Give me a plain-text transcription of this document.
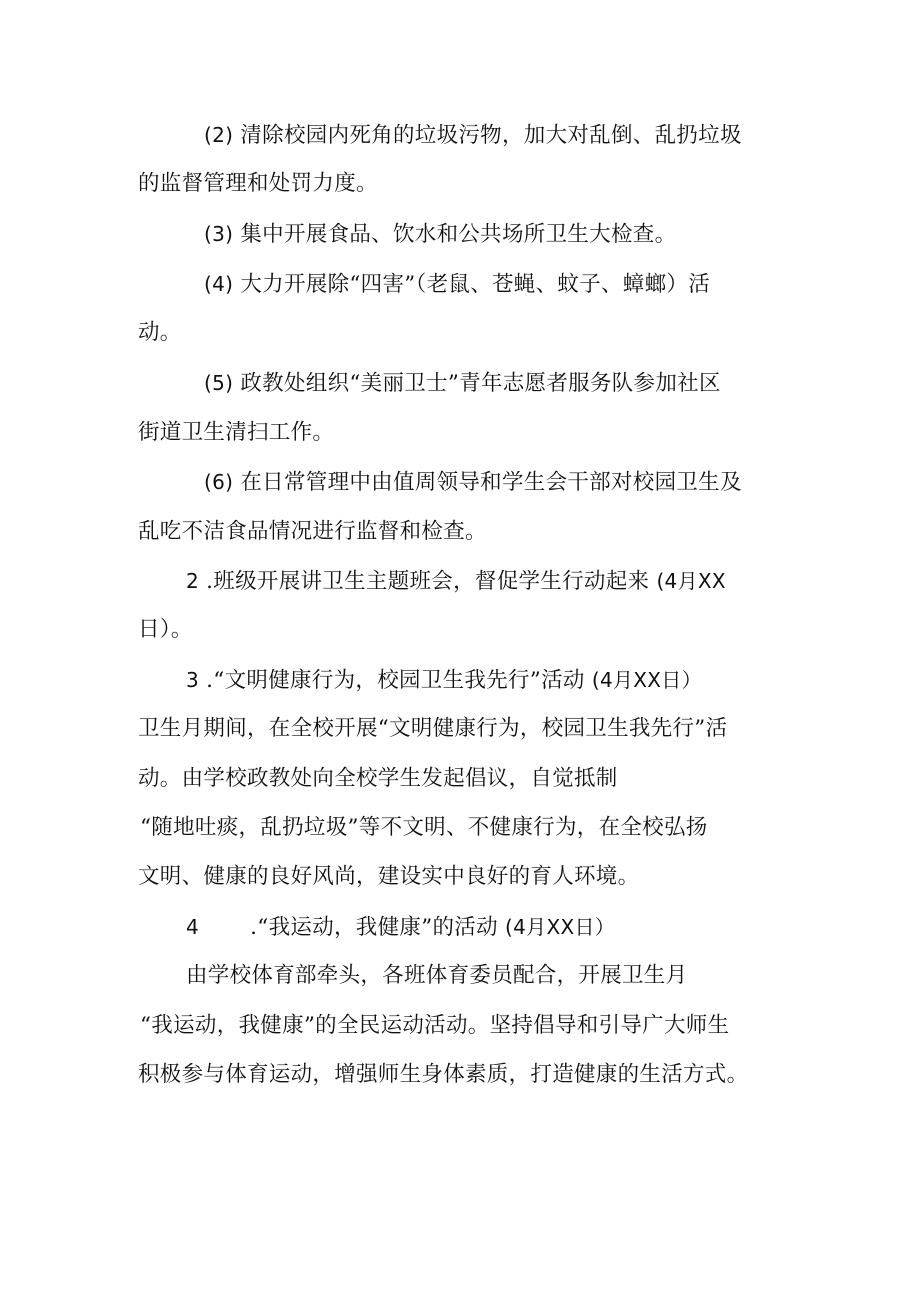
(2) 清除校园内死角的垃圾污物，加大对乱倒、乱扔垃圾

的监督管理和处罚力度。

(3) 集中开展食品、饮水和公共场所卫生大检查。

(4) 大力开展除“四害”（老鼠、苍蝇、蚊子、蟑螂）活

动。

(5) 政教处组织“美丽卫士”青年志愿者服务队参加社区

街道卫生清扫工作。

(6) 在日常管理中由值周领导和学生会干部对校园卫生及

乱吃不洁食品情况进行监督和检查。

2 .班级开展讲卫生主题班会，督促学生行动起来 (4月XX

日）。

3 .“文明健康行为，校园卫生我先行”活动 (4月XX日）

卫生月期间，在全校开展“文明健康行为，校园卫生我先行”活

动。由学校政教处向全校学生发起倡议，自觉抵制

“随地吐痰，乱扔垃圾”等不文明、不健康行为，在全校弘扬

文明、健康的良好风尚，建设实中良好的育人环境。

4 .“我运动，我健康”的活动 (4月XX日）

由学校体育部牵头，各班体育委员配合，开展卫生月

“我运动，我健康”的全民运动活动。坚持倡导和引导广大师生

积极参与体育运动，增强师生身体素质，打造健康的生活方式。
